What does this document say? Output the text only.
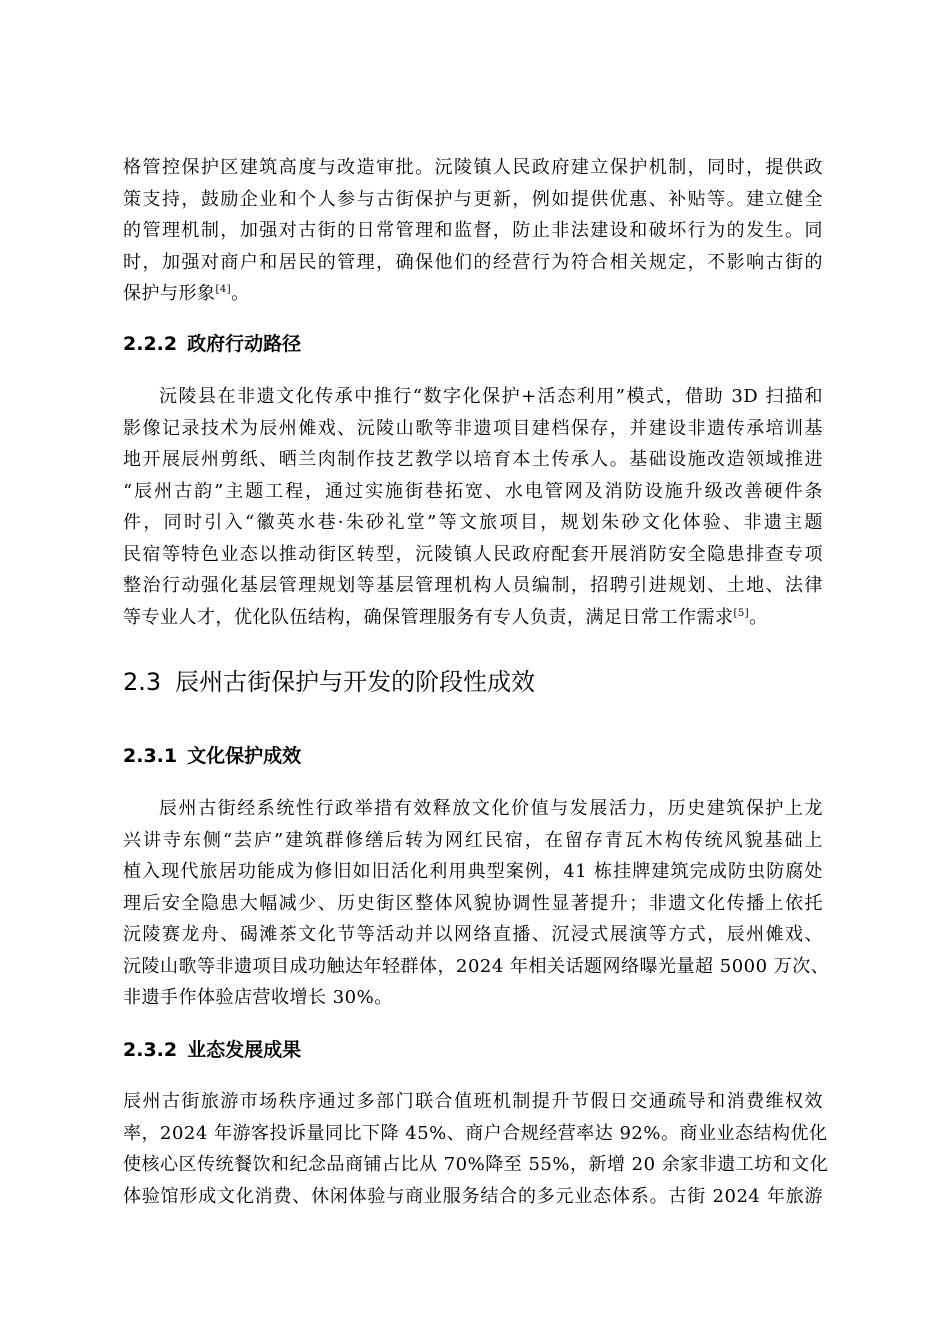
格管控保护区建筑高度与改造审批。沅陵镇人民政府建立保护机制，同时，提供政
策支持，鼓励企业和个人参与古街保护与更新，例如提供优惠、补贴等。建立健全
的管理机制，加强对古街的日常管理和监督，防止非法建设和破坏行为的发生。同
时，加强对商户和居民的管理，确保他们的经营行为符合相关规定，不影响古街的
保护与形象[4]。
2.2.2 政府行动路径
沅陵县在非遗文化传承中推行“数字化保护+活态利用”模式，借助 3D 扫描和
影像记录技术为辰州傩戏、沅陵山歌等非遗项目建档保存，并建设非遗传承培训基
地开展辰州剪纸、晒兰肉制作技艺教学以培育本土传承人。基础设施改造领域推进
“辰州古韵”主题工程，通过实施街巷拓宽、水电管网及消防设施升级改善硬件条
件，同时引入“徽英水巷·朱砂礼堂”等文旅项目，规划朱砂文化体验、非遗主题
民宿等特色业态以推动街区转型，沅陵镇人民政府配套开展消防安全隐患排查专项
整治行动强化基层管理规划等基层管理机构人员编制，招聘引进规划、土地、法律
等专业人才，优化队伍结构，确保管理服务有专人负责，满足日常工作需求[5]。
2.3 辰州古街保护与开发的阶段性成效
2.3.1 文化保护成效
辰州古街经系统性行政举措有效释放文化价值与发展活力，历史建筑保护上龙
兴讲寺东侧“芸庐”建筑群修缮后转为网红民宿，在留存青瓦木构传统风貌基础上
植入现代旅居功能成为修旧如旧活化利用典型案例，41 栋挂牌建筑完成防虫防腐处
理后安全隐患大幅减少、历史街区整体风貌协调性显著提升；非遗文化传播上依托
沅陵赛龙舟、碣滩茶文化节等活动并以网络直播、沉浸式展演等方式，辰州傩戏、
沅陵山歌等非遗项目成功触达年轻群体，2024 年相关话题网络曝光量超 5000 万次、
非遗手作体验店营收增长 30%。
2.3.2 业态发展成果
辰州古街旅游市场秩序通过多部门联合值班机制提升节假日交通疏导和消费维权效
率，2024 年游客投诉量同比下降 45%、商户合规经营率达 92%。商业业态结构优化
使核心区传统餐饮和纪念品商铺占比从 70%降至 55%，新增 20 余家非遗工坊和文化
体验馆形成文化消费、休闲体验与商业服务结合的多元业态体系。古街 2024 年旅游
